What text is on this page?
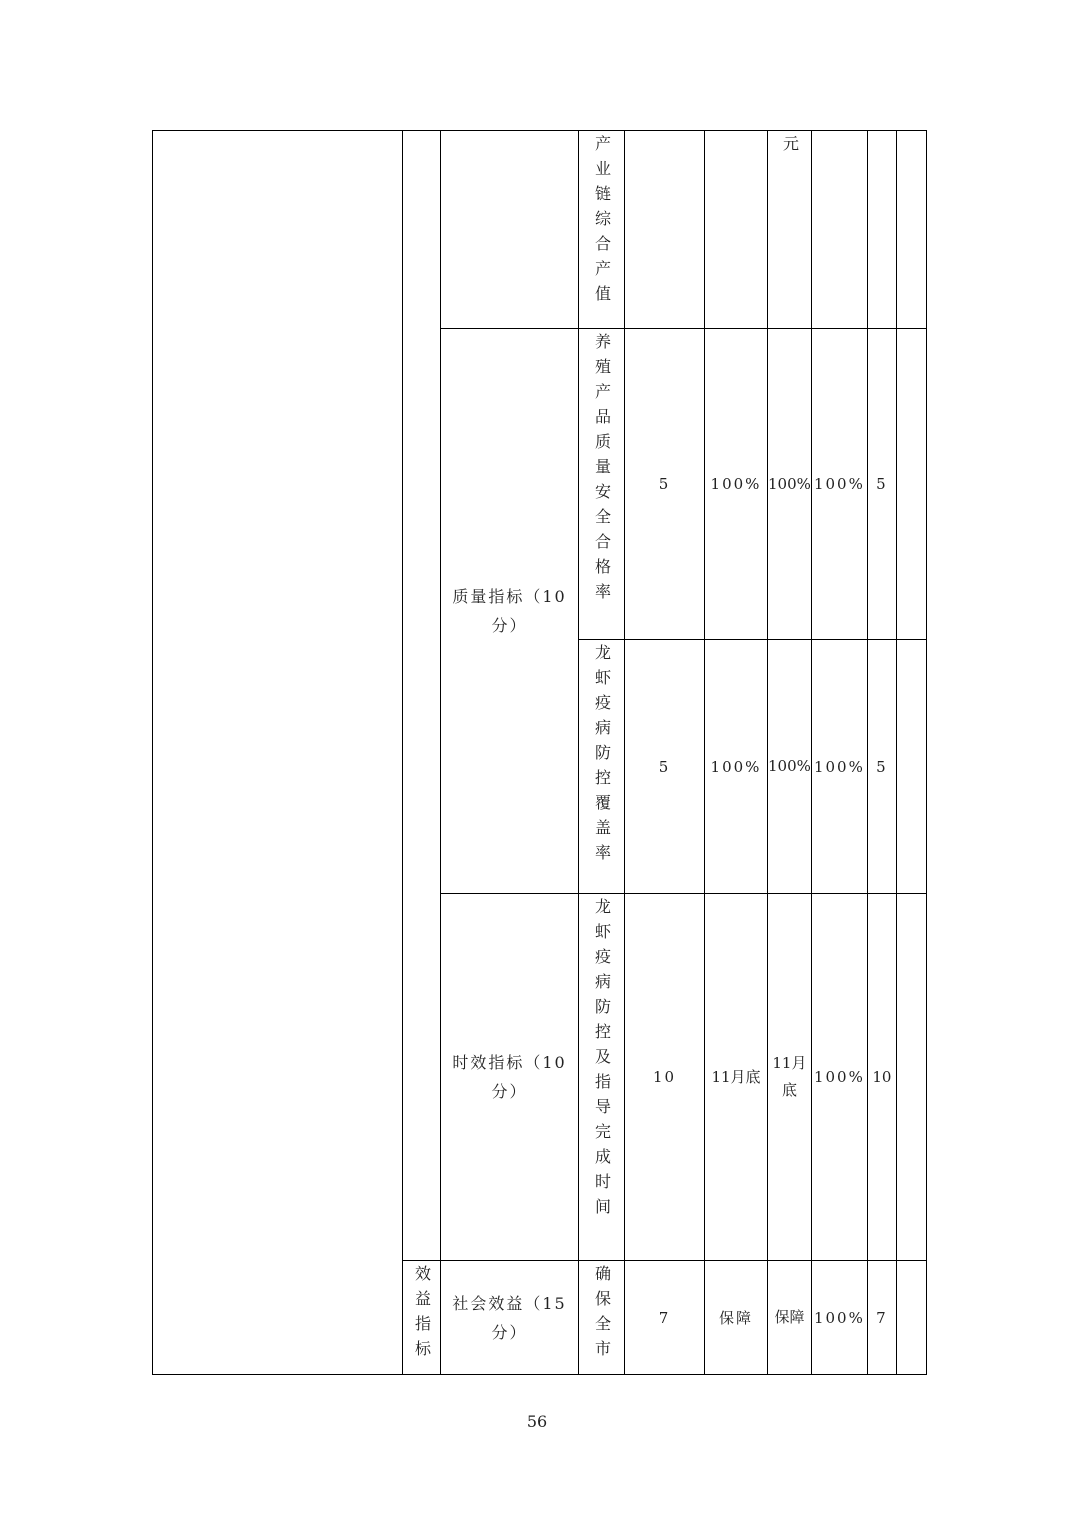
			产业链综合产值			元			

		质量指标（10分）	养殖产品质量安全合格率	5	100%	100%	100%	5	

			龙虾疫病防控覆盖率	5	100%	100%	100%	5	

		时效指标（10分）	龙虾疫病防控及指导完成时间	10	11月底	11月底	100%	10	

	效益指标	社会效益（15分）	确保全市	7	保障	保障	100%	7	
56
